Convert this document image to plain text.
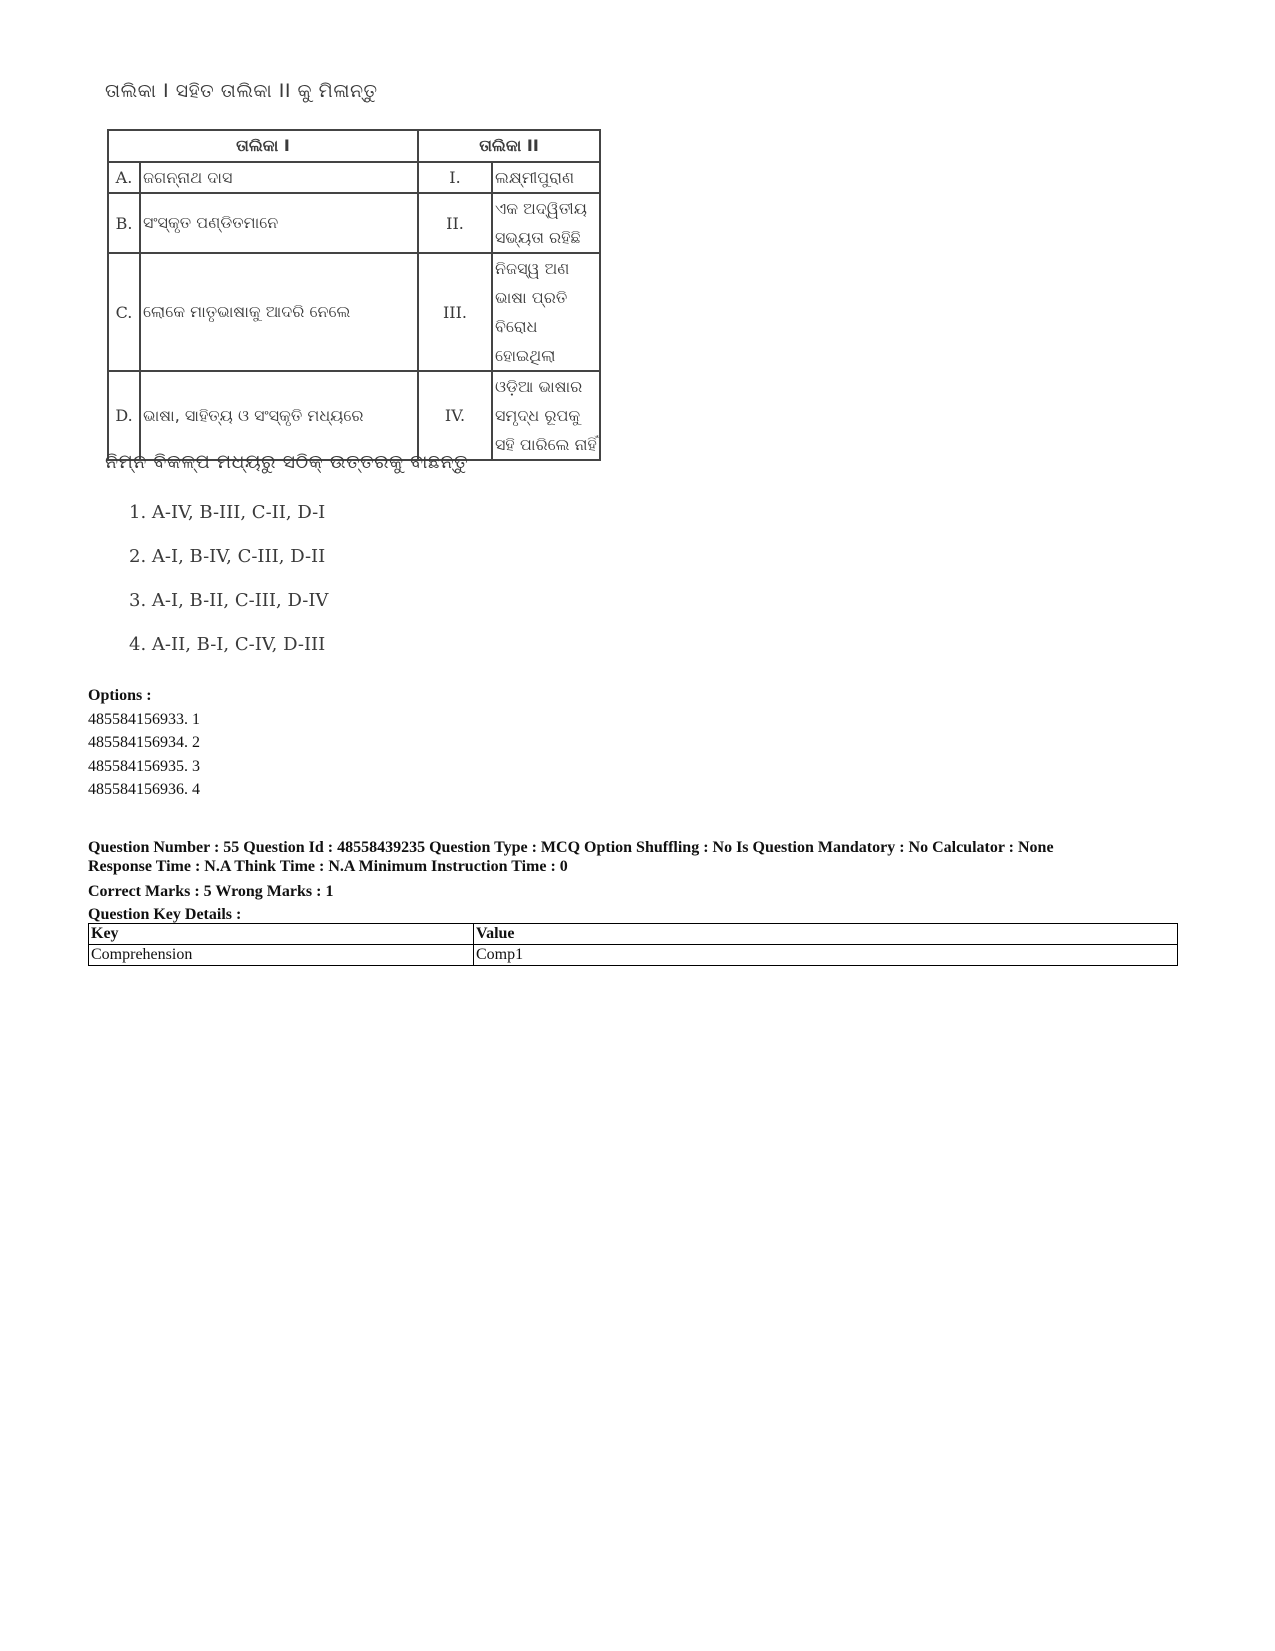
ତାଲିକା I ସହିତ ତାଲିକା II କୁ ମିଳାନ୍ତୁ
ତାଲିକା I		ତାଲିକା II	
A.	ଜଗନ୍ନାଥ ଦାସ	I.	ଲକ୍ଷ୍ମୀପୁରାଣ
B.	ସଂସ୍କୃତ ପଣ୍ଡିତମାନେ	II.	ଏକ ଅଦ୍ୱିତୀୟ ସଭ୍ୟତା ରହିଛି
C.	ଲୋକେ ମାତୃଭାଷାକୁ ଆଦରି ନେଲେ	III.	ନିଜସ୍ୱ ଅଣ ଭାଷା ପ୍ରତି ବିରୋଧ ହୋଇଥିଲା
D.	ଭାଷା, ସାହିତ୍ୟ ଓ ସଂସ୍କୃତି ମଧ୍ୟରେ	IV.	ଓଡ଼ିଆ ଭାଷାର ସମୃଦ୍ଧ ରୂପକୁ ସହି ପାରିଲେ ନାହିଁ
ନିମ୍ନ ବିକଳ୍ପ ମଧ୍ୟରୁ ସଠିକ୍ ଉତ୍ତରକୁ ବାଛନ୍ତୁ
1. A-IV, B-III, C-II, D-I
2. A-I, B-IV, C-III, D-II
3. A-I, B-II, C-III, D-IV
4. A-II, B-I, C-IV, D-III
Options :
485584156933. 1
485584156934. 2
485584156935. 3
485584156936. 4
Question Number : 55 Question Id : 48558439235 Question Type : MCQ Option Shuffling : No Is Question Mandatory : No Calculator : None
Response Time : N.A Think Time : N.A Minimum Instruction Time : 0
Correct Marks : 5 Wrong Marks : 1
Question Key Details :
Key	Value
Comprehension	Comp1
